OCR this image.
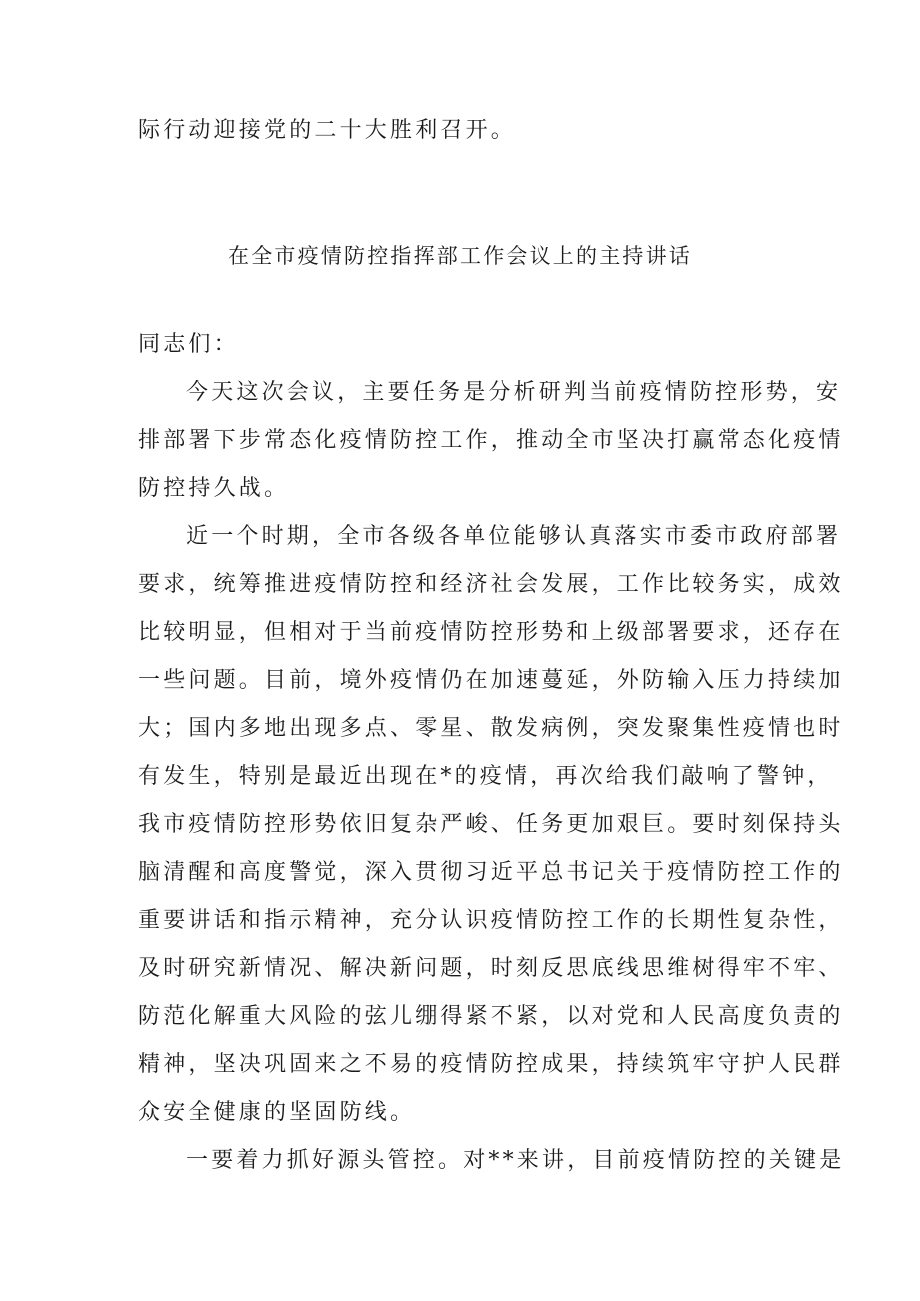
际行动迎接党的二十大胜利召开。
在全市疫情防控指挥部工作会议上的主持讲话
同志们：
今天这次会议，主要任务是分析研判当前疫情防控形势，安
排部署下步常态化疫情防控工作，推动全市坚决打赢常态化疫情
防控持久战。
近一个时期，全市各级各单位能够认真落实市委市政府部署
要求，统筹推进疫情防控和经济社会发展，工作比较务实，成效
比较明显，但相对于当前疫情防控形势和上级部署要求，还存在
一些问题。目前，境外疫情仍在加速蔓延，外防输入压力持续加
大；国内多地出现多点、零星、散发病例，突发聚集性疫情也时
有发生，特别是最近出现在*的疫情，再次给我们敲响了警钟，
我市疫情防控形势依旧复杂严峻、任务更加艰巨。要时刻保持头
脑清醒和高度警觉，深入贯彻习近平总书记关于疫情防控工作的
重要讲话和指示精神，充分认识疫情防控工作的长期性复杂性，
及时研究新情况、解决新问题，时刻反思底线思维树得牢不牢、
防范化解重大风险的弦儿绷得紧不紧，以对党和人民高度负责的
精神，坚决巩固来之不易的疫情防控成果，持续筑牢守护人民群
众安全健康的坚固防线。
一要着力抓好源头管控。对**来讲，目前疫情防控的关键是
